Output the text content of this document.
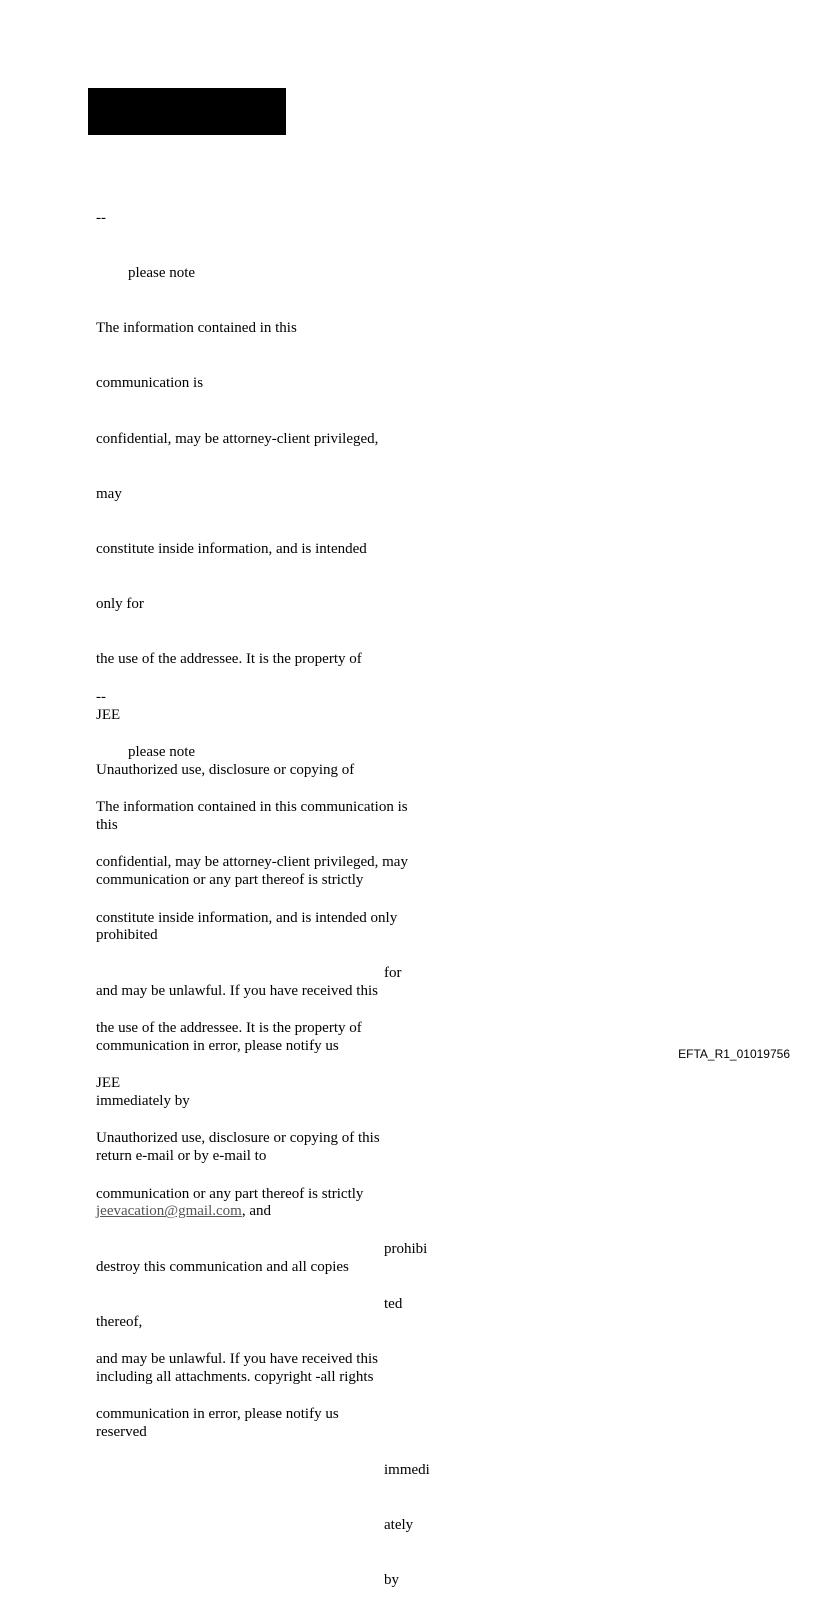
--

please note

The information contained in this

communication is

confidential, may be attorney-client privileged,

may

constitute inside information, and is intended

only for

the use of the addressee. It is the property of

JEE

Unauthorized use, disclosure or copying of

this

communication or any part thereof is strictly

prohibited

and may be unlawful. If you have received this

communication in error, please notify us

immediately by

return e-mail or by e-mail to

jeevacation@gmail.com, and

destroy this communication and all copies

thereof,

including all attachments. copyright -all rights

reserved

--

please note

The information contained in this communication is

confidential, may be attorney-client privileged, may

constitute inside information, and is intended only

for

the use of the addressee. It is the property of

JEE

Unauthorized use, disclosure or copying of this

communication or any part thereof is strictly

prohibi

ted

and may be unlawful. If you have received this

communication in error, please notify us

immedi

ately

by

EFTA_R1_01019756
